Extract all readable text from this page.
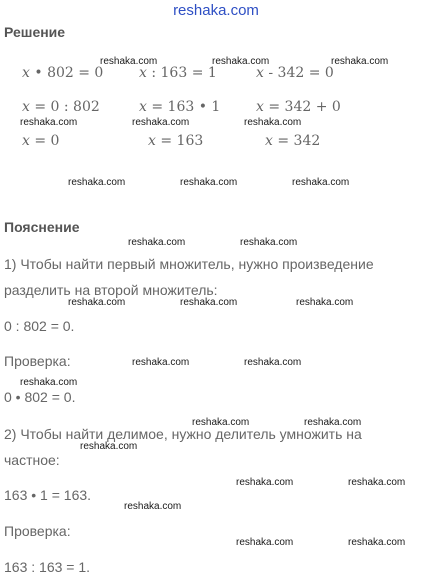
reshaka.com
Решение
x • 802 = 0	x : 163 = 1	x - 342 = 0
x = 0 : 802	x = 163 • 1	x = 342 + 0
x = 0	x = 163	x = 342
Пояснение
1) Чтобы найти первый множитель, нужно произведение
разделить на второй множитель:
0 : 802 = 0.
Проверка:
0 • 802 = 0.
2) Чтобы найти делимое, нужно делитель умножить на
частное:
163 • 1 = 163.
Проверка:
163 : 163 = 1.
reshaka.com	reshaka.com	reshaka.com
reshaka.com	reshaka.com	reshaka.com
reshaka.com	reshaka.com	reshaka.com
reshaka.com	reshaka.com
reshaka.com	reshaka.com	reshaka.com
reshaka.com	reshaka.com
reshaka.com
reshaka.com	reshaka.com
reshaka.com
reshaka.com	reshaka.com
reshaka.com
reshaka.com	reshaka.com
